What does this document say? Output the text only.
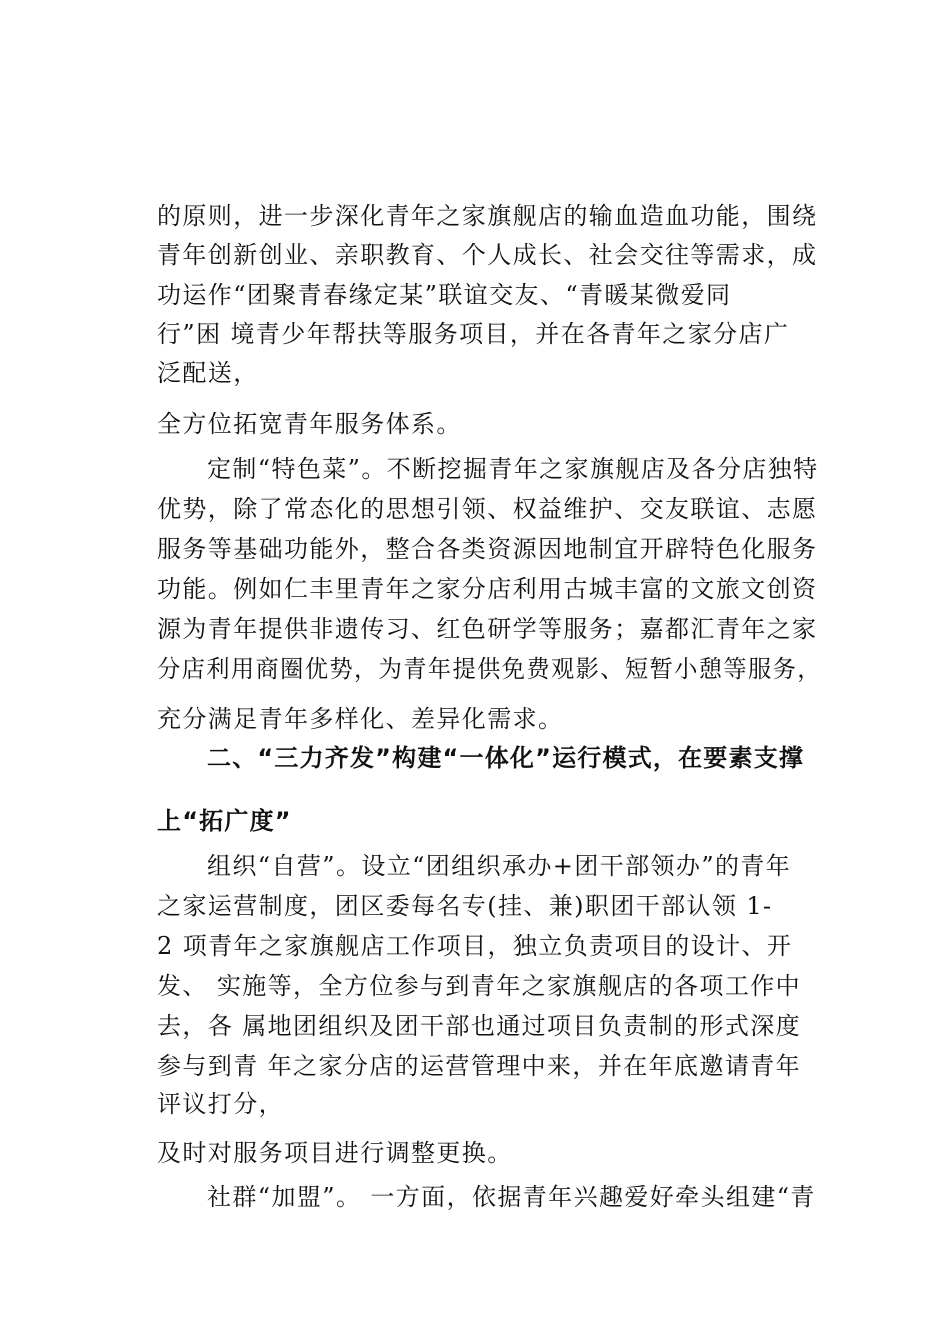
的原则，进一步深化青年之家旗舰店的输血造血功能，围绕
青年创新创业、亲职教育、个人成长、社会交往等需求，成
功运作“团聚青春缘定某”联谊交友、“青暖某微爱同
行”困 境青少年帮扶等服务项目，并在各青年之家分店广
泛配送，
全方位拓宽青年服务体系。
定制“特色菜”。不断挖掘青年之家旗舰店及各分店独特
优势，除了常态化的思想引领、权益维护、交友联谊、志愿
服务等基础功能外，整合各类资源因地制宜开辟特色化服务
功能。例如仁丰里青年之家分店利用古城丰富的文旅文创资
源为青年提供非遗传习、红色研学等服务；嘉都汇青年之家
分店利用商圈优势，为青年提供免费观影、短暂小憩等服务，
充分满足青年多样化、差异化需求。
二、“三力齐发”构建“一体化”运行模式，在要素支撑
上“拓广度”
组织“自营”。设立“团组织承办+团干部领办”的青年
之家运营制度，团区委每名专(挂、兼)职团干部认领 1-
2 项青年之家旗舰店工作项目，独立负责项目的设计、开
发、 实施等，全方位参与到青年之家旗舰店的各项工作中
去，各 属地团组织及团干部也通过项目负责制的形式深度
参与到青 年之家分店的运营管理中来，并在年底邀请青年
评议打分，
及时对服务项目进行调整更换。
社群“加盟”。 一方面，依据青年兴趣爱好牵头组建“青
